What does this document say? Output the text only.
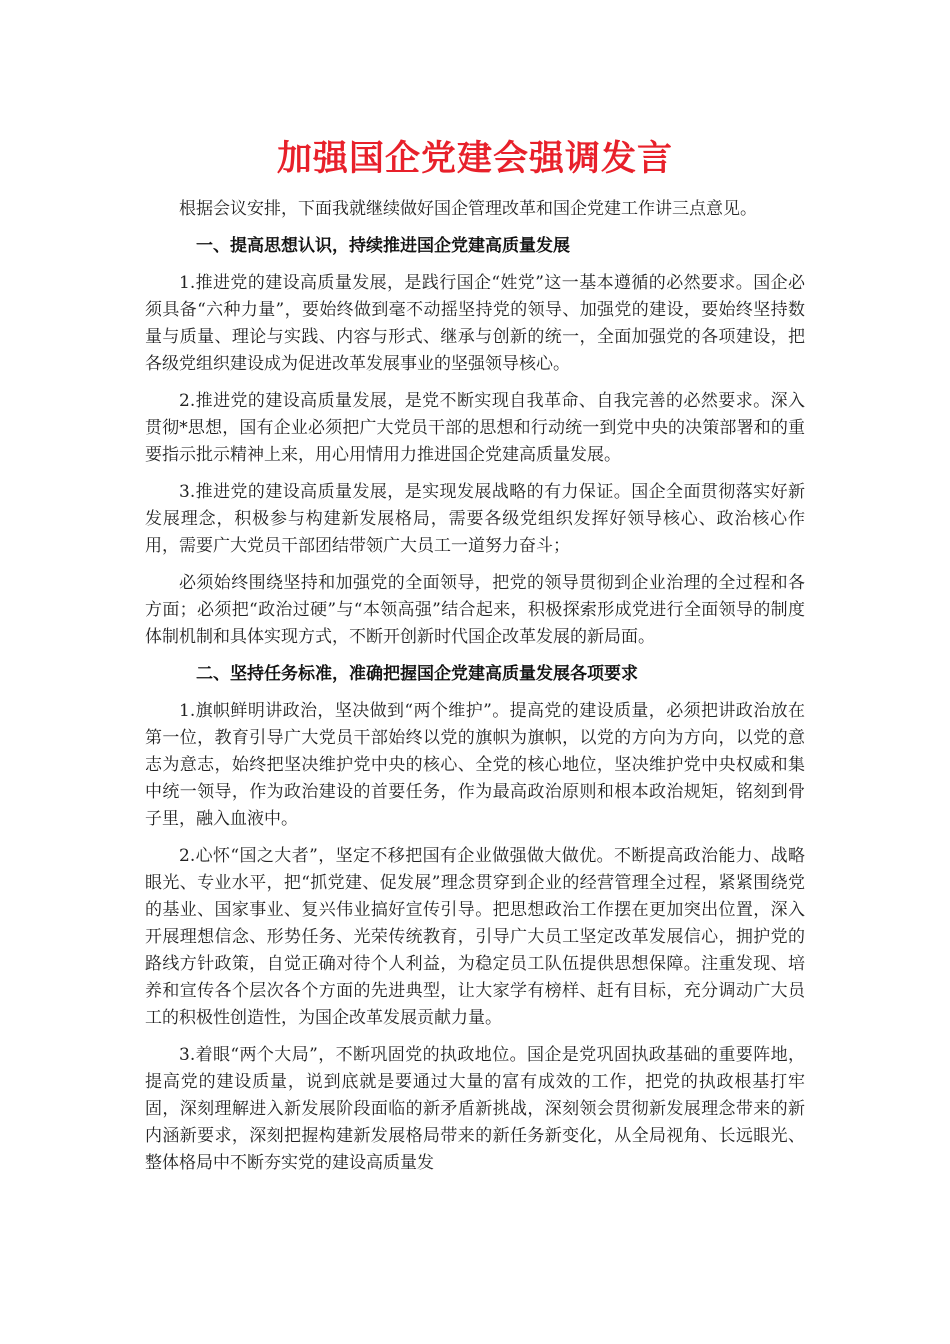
加强国企党建会强调发言

根据会议安排，下面我就继续做好国企管理改革和国企党建工作讲三点意见。

一、提高思想认识，持续推进国企党建高质量发展

1.推进党的建设高质量发展，是践行国企“姓党”这一基本遵循的必然要求。国企必须具备“六种力量”，要始终做到毫不动摇坚持党的领导、加强党的建设，要始终坚持数量与质量、理论与实践、内容与形式、继承与创新的统一，全面加强党的各项建设，把各级党组织建设成为促进改革发展事业的坚强领导核心。

2.推进党的建设高质量发展，是党不断实现自我革命、自我完善的必然要求。深入贯彻*思想，国有企业必须把广大党员干部的思想和行动统一到党中央的决策部署和的重要指示批示精神上来，用心用情用力推进国企党建高质量发展。

3.推进党的建设高质量发展，是实现发展战略的有力保证。国企全面贯彻落实好新发展理念，积极参与构建新发展格局，需要各级党组织发挥好领导核心、政治核心作用，需要广大党员干部团结带领广大员工一道努力奋斗；

必须始终围绕坚持和加强党的全面领导，把党的领导贯彻到企业治理的全过程和各方面；必须把“政治过硬”与“本领高强”结合起来，积极探索形成党进行全面领导的制度体制机制和具体实现方式，不断开创新时代国企改革发展的新局面。

二、坚持任务标准，准确把握国企党建高质量发展各项要求

1.旗帜鲜明讲政治，坚决做到“两个维护”。提高党的建设质量，必须把讲政治放在第一位，教育引导广大党员干部始终以党的旗帜为旗帜，以党的方向为方向，以党的意志为意志，始终把坚决维护党中央的核心、全党的核心地位，坚决维护党中央权威和集中统一领导，作为政治建设的首要任务，作为最高政治原则和根本政治规矩，铭刻到骨子里，融入血液中。

2.心怀“国之大者”，坚定不移把国有企业做强做大做优。不断提高政治能力、战略眼光、专业水平，把“抓党建、促发展”理念贯穿到企业的经营管理全过程，紧紧围绕党的基业、国家事业、复兴伟业搞好宣传引导。把思想政治工作摆在更加突出位置，深入开展理想信念、形势任务、光荣传统教育，引导广大员工坚定改革发展信心，拥护党的路线方针政策，自觉正确对待个人利益，为稳定员工队伍提供思想保障。注重发现、培养和宣传各个层次各个方面的先进典型，让大家学有榜样、赶有目标，充分调动广大员工的积极性创造性，为国企改革发展贡献力量。

3.着眼“两个大局”，不断巩固党的执政地位。国企是党巩固执政基础的重要阵地，提高党的建设质量，说到底就是要通过大量的富有成效的工作，把党的执政根基打牢固，深刻理解进入新发展阶段面临的新矛盾新挑战，深刻领会贯彻新发展理念带来的新内涵新要求，深刻把握构建新发展格局带来的新任务新变化，从全局视角、长远眼光、整体格局中不断夯实党的建设高质量发
